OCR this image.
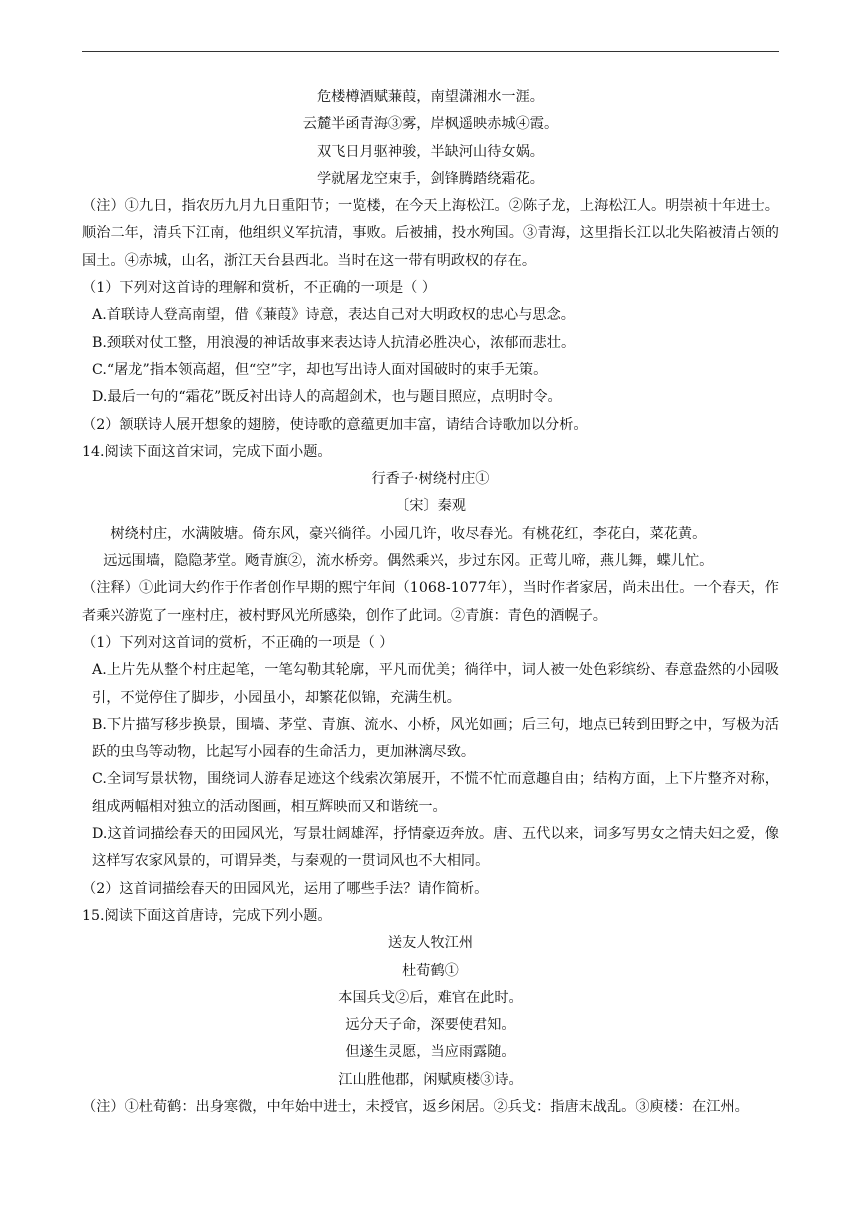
危楼樽酒赋蒹葭，南望潇湘水一涯。
云麓半函青海③雾，岸枫遥映赤城④霞。
双飞日月驱神骏，半缺河山待女娲。
学就屠龙空束手，剑锋腾踏绕霜花。
（注）①九日，指农历九月九日重阳节；一览楼，在今天上海松江。②陈子龙，上海松江人。明崇祯十年进士。顺治二年，清兵下江南，他组织义军抗清，事败。后被捕，投水殉国。③青海，这里指长江以北失陷被清占领的国土。④赤城，山名，浙江天台县西北。当时在这一带有明政权的存在。
（1）下列对这首诗的理解和赏析，不正确的一项是（ ）
A.首联诗人登高南望，借《蒹葭》诗意，表达自己对大明政权的忠心与思念。
B.颈联对仗工整，用浪漫的神话故事来表达诗人抗清必胜决心，浓郁而悲壮。
C.“屠龙”指本领高超，但“空”字，却也写出诗人面对国破时的束手无策。
D.最后一句的“霜花”既反衬出诗人的高超剑术，也与题目照应，点明时令。
（2）颔联诗人展开想象的翅膀，使诗歌的意蕴更加丰富，请结合诗歌加以分析。
14.阅读下面这首宋词，完成下面小题。
行香子·树绕村庄①
〔宋〕秦观
树绕村庄，水满陂塘。倚东风，豪兴徜徉。小园几许，收尽春光。有桃花红，李花白，菜花黄。
远远围墙，隐隐茅堂。飏青旗②，流水桥旁。偶然乘兴，步过东冈。正莺儿啼，燕儿舞，蝶儿忙。
（注释）①此词大约作于作者创作早期的熙宁年间（1068-1077年），当时作者家居，尚未出仕。一个春天，作者乘兴游览了一座村庄，被村野风光所感染，创作了此词。②青旗：青色的酒幌子。
（1）下列对这首词的赏析，不正确的一项是（ ）
A.上片先从整个村庄起笔，一笔勾勒其轮廓，平凡而优美；徜徉中，词人被一处色彩缤纷、春意盎然的小园吸引，不觉停住了脚步，小园虽小，却繁花似锦，充满生机。
B.下片描写移步换景，围墙、茅堂、青旗、流水、小桥，风光如画；后三句，地点已转到田野之中，写极为活跃的虫鸟等动物，比起写小园春的生命活力，更加淋漓尽致。
C.全词写景状物，围绕词人游春足迹这个线索次第展开，不慌不忙而意趣自由；结构方面，上下片整齐对称，组成两幅相对独立的活动图画，相互辉映而又和谐统一。
D.这首词描绘春天的田园风光，写景壮阔雄浑，抒情豪迈奔放。唐、五代以来，词多写男女之情夫妇之爱，像这样写农家风景的，可谓异类，与秦观的一贯词风也不大相同。
（2）这首词描绘春天的田园风光，运用了哪些手法？请作简析。
15.阅读下面这首唐诗，完成下列小题。
送友人牧江州
杜荀鹤①
本国兵戈②后，难官在此时。
远分天子命，深要使君知。
但遂生灵愿，当应雨露随。
江山胜他郡，闲赋庾楼③诗。
（注）①杜荀鹤：出身寒微，中年始中进士，未授官，返乡闲居。②兵戈：指唐末战乱。③庾楼：在江州。
